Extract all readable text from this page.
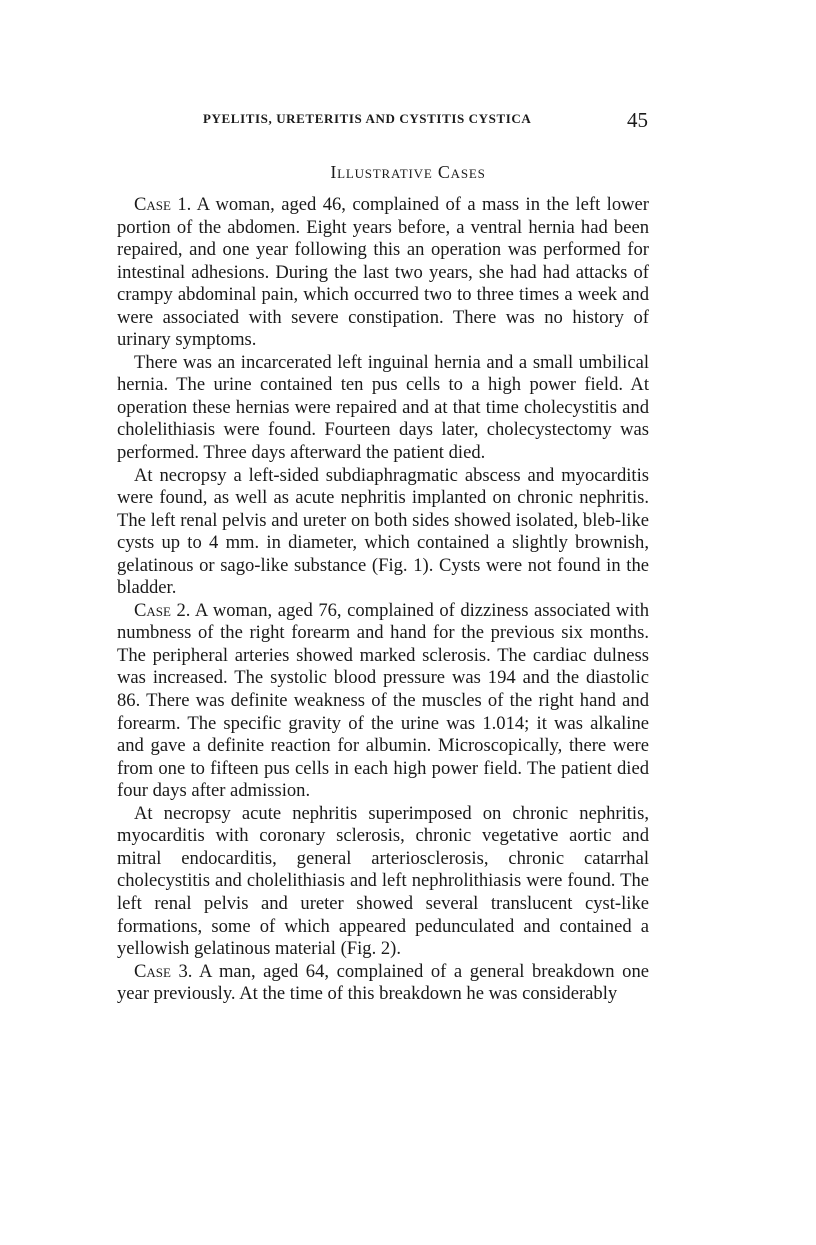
PYELITIS, URETERITIS AND CYSTITIS CYSTICA	45
Illustrative Cases

Case 1. A woman, aged 46, complained of a mass in the left lower portion of the abdomen. Eight years before, a ventral hernia had been repaired, and one year following this an operation was performed for intestinal adhesions. During the last two years, she had had attacks of crampy abdominal pain, which occurred two to three times a week and were associated with severe constipation. There was no history of urinary symptoms.

There was an incarcerated left inguinal hernia and a small umbilical hernia. The urine contained ten pus cells to a high power field. At operation these hernias were repaired and at that time cholecystitis and cholelithiasis were found. Fourteen days later, cholecystectomy was performed. Three days afterward the patient died.

At necropsy a left-sided subdiaphragmatic abscess and myocarditis were found, as well as acute nephritis implanted on chronic nephritis. The left renal pelvis and ureter on both sides showed isolated, bleb-like cysts up to 4 mm. in diameter, which contained a slightly brownish, gelatinous or sago-like substance (Fig. 1). Cysts were not found in the bladder.

Case 2. A woman, aged 76, complained of dizziness associated with numbness of the right forearm and hand for the previous six months. The peripheral arteries showed marked sclerosis. The cardiac dulness was increased. The systolic blood pressure was 194 and the diastolic 86. There was definite weakness of the muscles of the right hand and forearm. The specific gravity of the urine was 1.014; it was alkaline and gave a definite reaction for albumin. Microscopically, there were from one to fifteen pus cells in each high power field. The patient died four days after admission.

At necropsy acute nephritis superimposed on chronic nephritis, myocarditis with coronary sclerosis, chronic vegetative aortic and mitral endocarditis, general arteriosclerosis, chronic catarrhal cholecystitis and cholelithiasis and left nephrolithiasis were found. The left renal pelvis and ureter showed several translucent cyst-like formations, some of which appeared pedunculated and contained a yellowish gelatinous material (Fig. 2).

Case 3. A man, aged 64, complained of a general breakdown one year previously. At the time of this breakdown he was considerably
